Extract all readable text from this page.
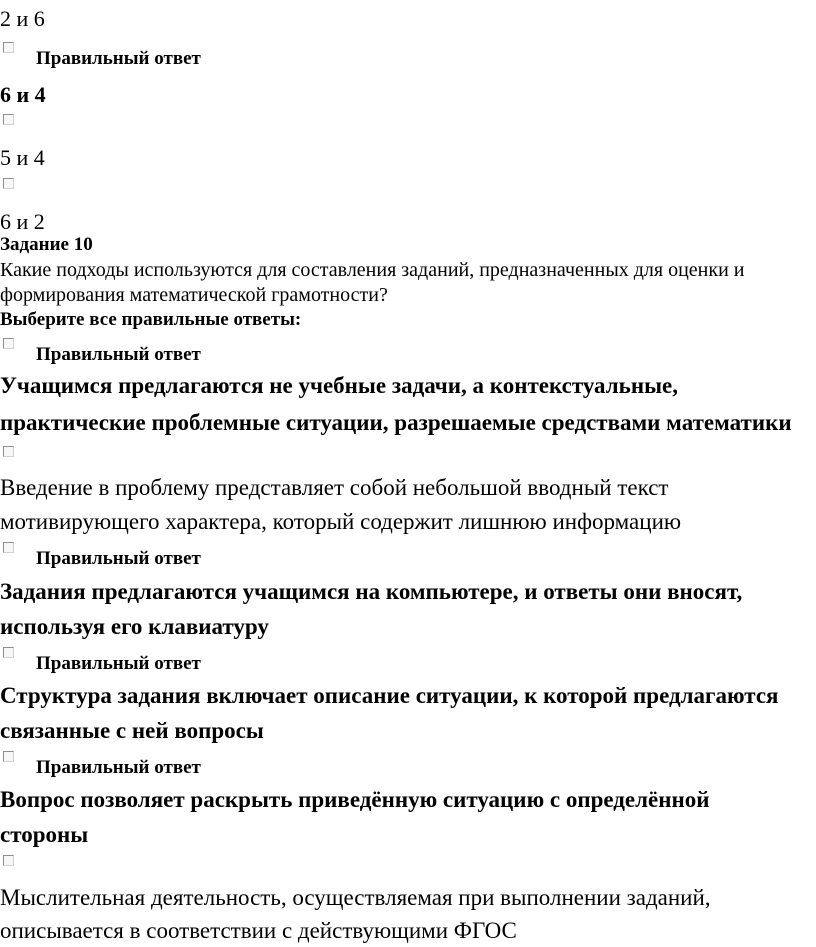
2 и 6
Правильный ответ
6 и 4
5 и 4
6 и 2
Задание 10
Какие подходы используются для составления заданий, предназначенных для оценки и
формирования математической грамотности?
Выберите все правильные ответы:
Правильный ответ
Учащимся предлагаются не учебные задачи, а контекстуальные,
практические проблемные ситуации, разрешаемые средствами математики
Введение в проблему представляет собой небольшой вводный текст
мотивирующего характера, который содержит лишнюю информацию
Правильный ответ
Задания предлагаются учащимся на компьютере, и ответы они вносят,
используя его клавиатуру
Правильный ответ
Структура задания включает описание ситуации, к которой предлагаются
связанные с ней вопросы
Правильный ответ
Вопрос позволяет раскрыть приведённую ситуацию с определённой
стороны
Мыслительная деятельность, осуществляемая при выполнении заданий,
описывается в соответствии с действующими ФГОС
